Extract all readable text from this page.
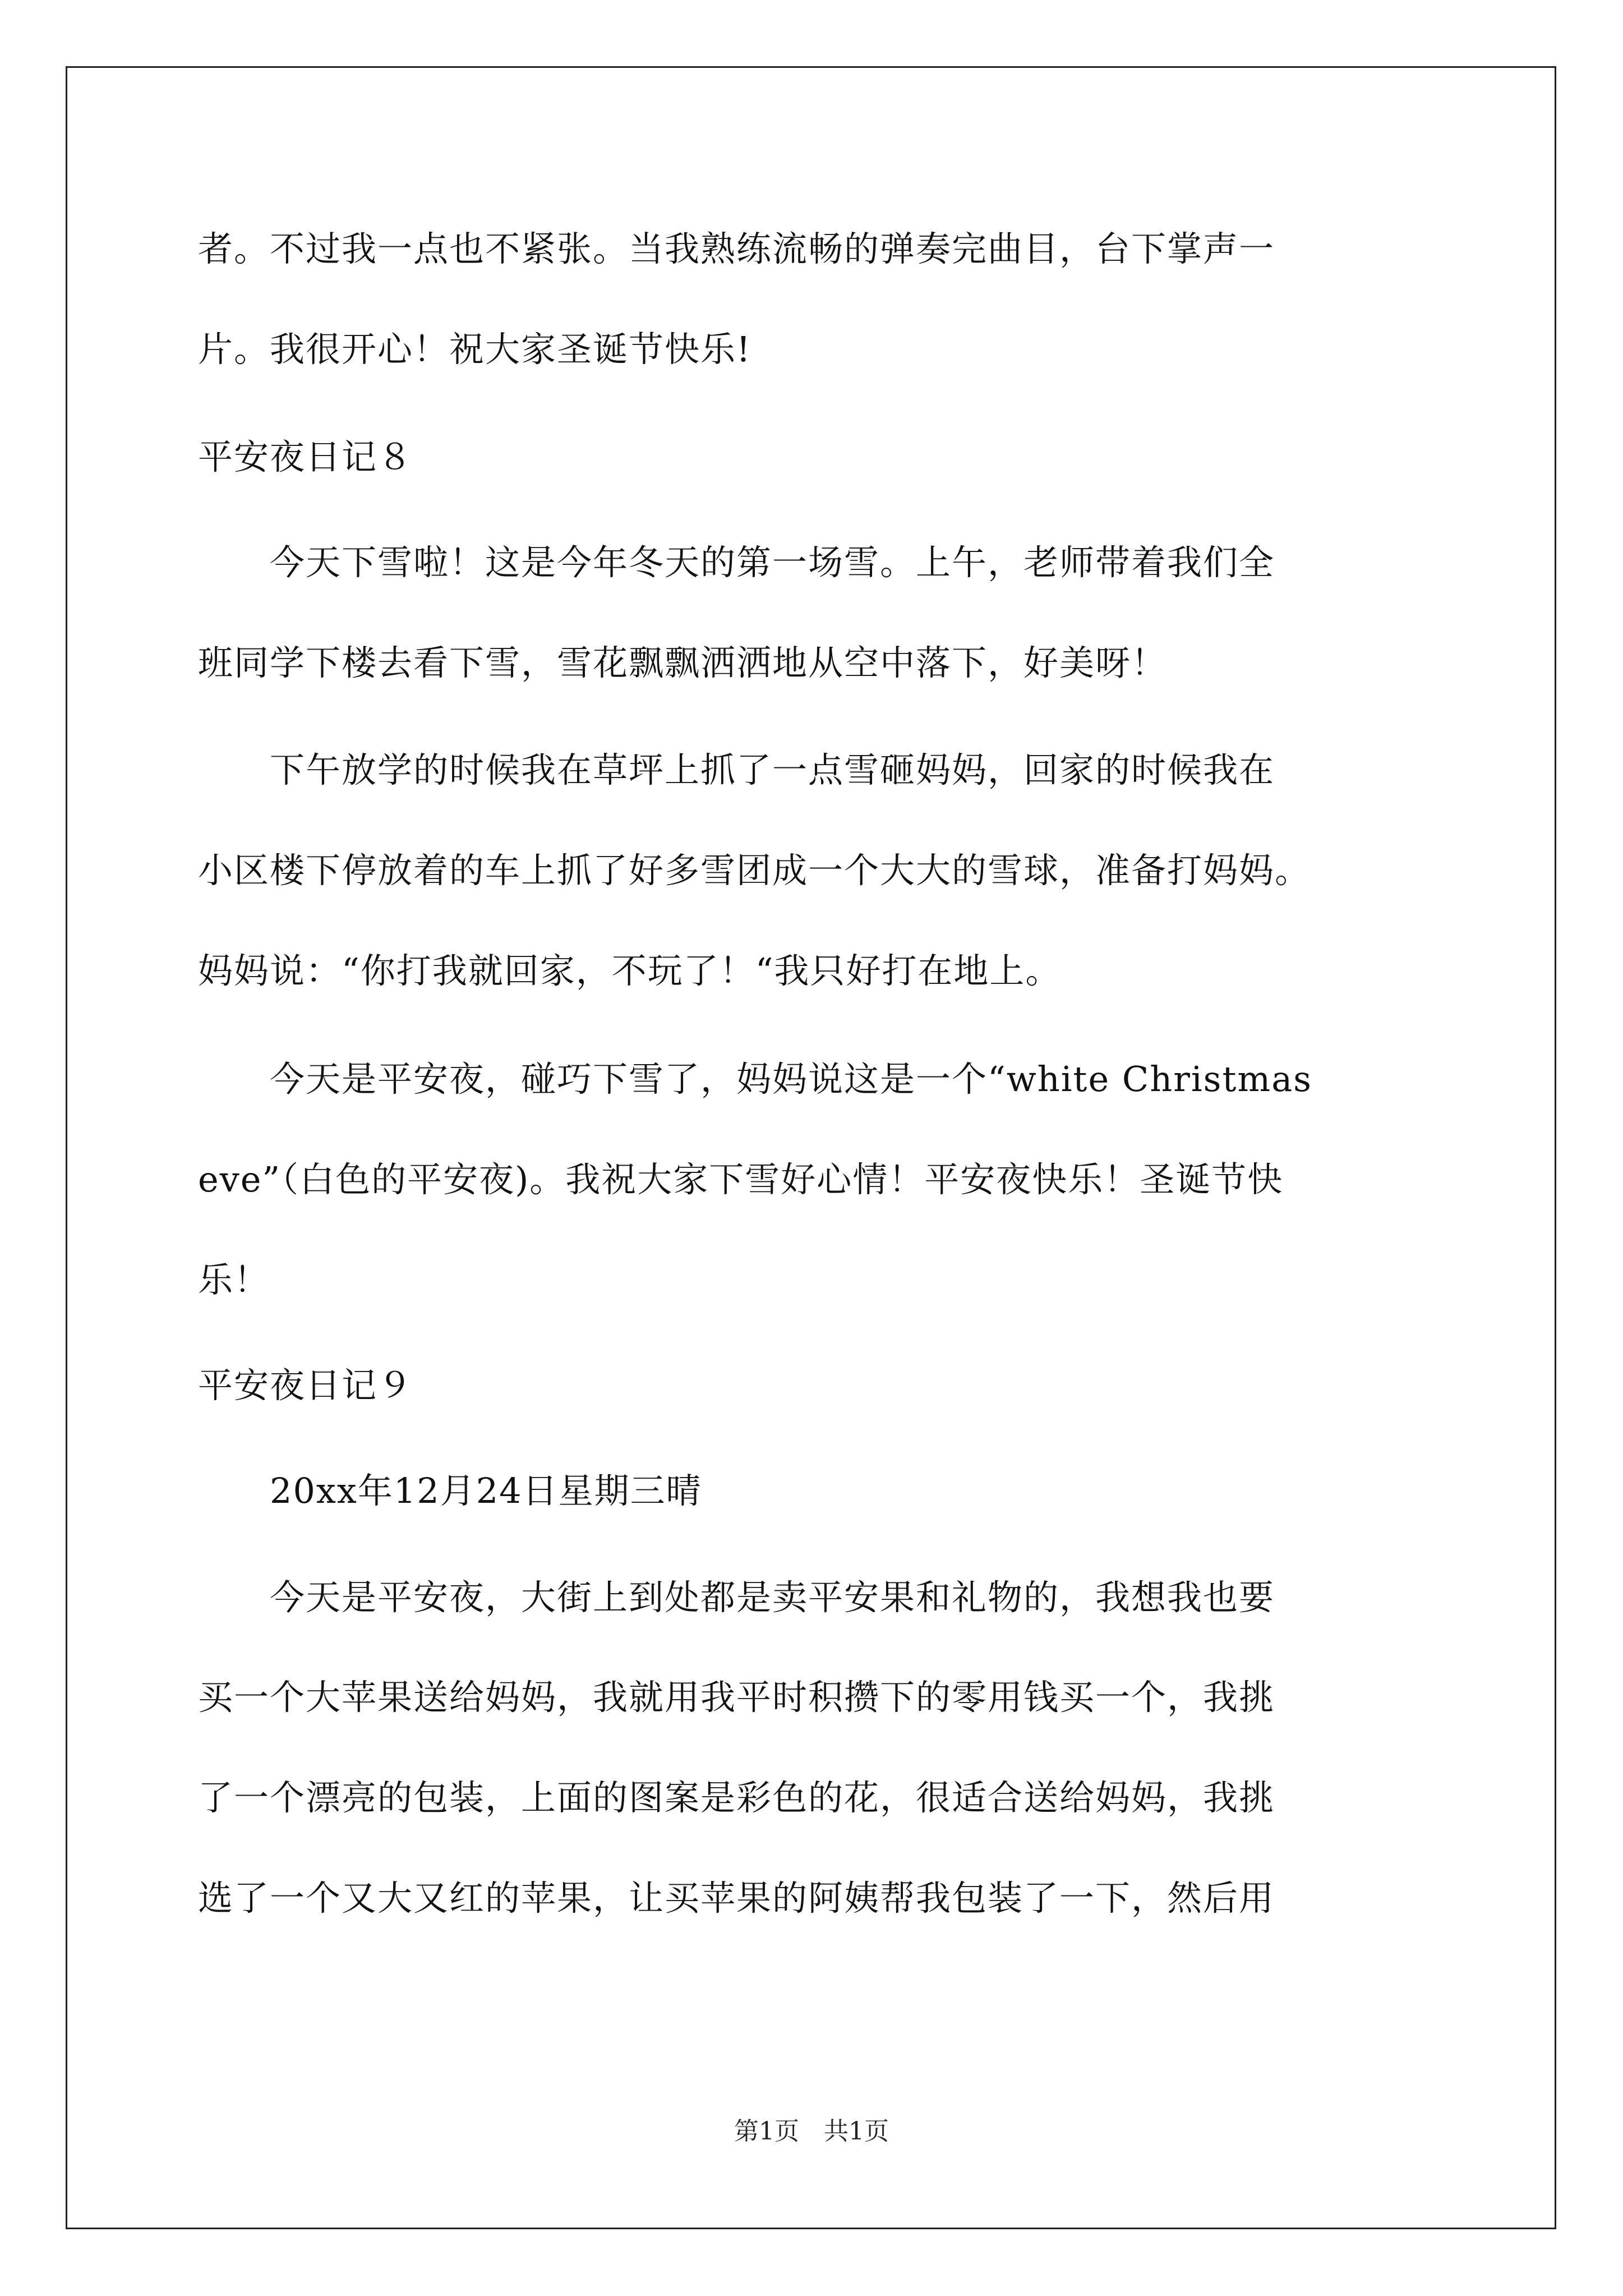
者。不过我一点也不紧张。当我熟练流畅的弹奏完曲目，台下掌声一
片。我很开心！祝大家圣诞节快乐!
平安夜日记８
　　今天下雪啦！这是今年冬天的第一场雪。上午，老师带着我们全
班同学下楼去看下雪，雪花飘飘洒洒地从空中落下，好美呀！
　　下午放学的时候我在草坪上抓了一点雪砸妈妈，回家的时候我在
小区楼下停放着的车上抓了好多雪团成一个大大的雪球，准备打妈妈。
妈妈说：“你打我就回家，不玩了！“我只好打在地上。
　　今天是平安夜，碰巧下雪了，妈妈说这是一个“white Christmas
eve”（白色的平安夜)。我祝大家下雪好心情！平安夜快乐！圣诞节快
乐！
平安夜日记９
　　20xx年12月24日星期三晴
　　今天是平安夜，大街上到处都是卖平安果和礼物的，我想我也要
买一个大苹果送给妈妈，我就用我平时积攒下的零用钱买一个，我挑
了一个漂亮的包装，上面的图案是彩色的花，很适合送给妈妈，我挑
选了一个又大又红的苹果，让买苹果的阿姨帮我包装了一下，然后用
第1页　共1页
